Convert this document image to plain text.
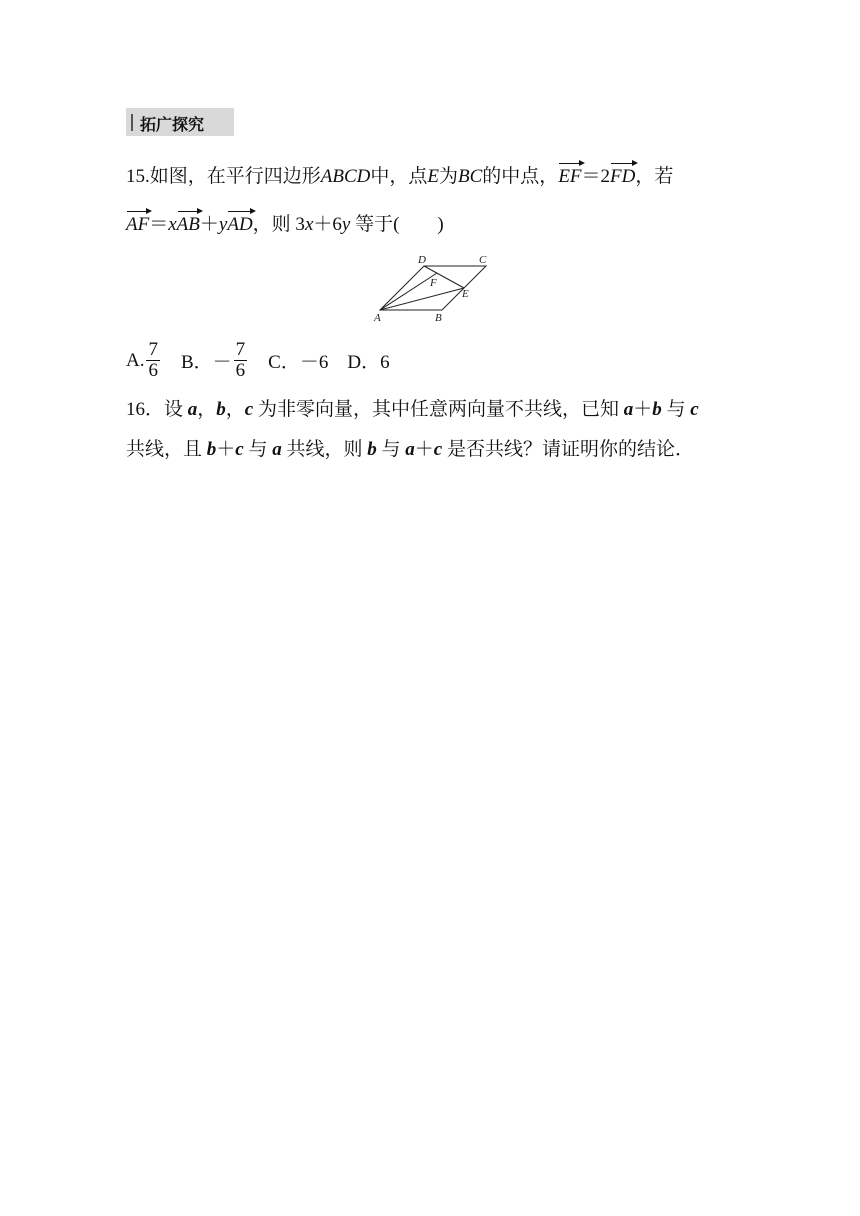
拓广探究
15.如图，在平行四边形ABCD中，点E为BC的中点，EF＝2FD，若
AF＝xAB＋yAD，则 3x＋6y 等于(　　)
A	B
C
D
E
F
A. $\frac{7}{6}$ 　B．－ $\frac{7}{6}$ 　C．－6　D．6
16．设 a，b，c 为非零向量，其中任意两向量不共线，已知 a＋b 与 c
共线，且 b＋c 与 a 共线，则 b 与 a＋c 是否共线？请证明你的结论．
